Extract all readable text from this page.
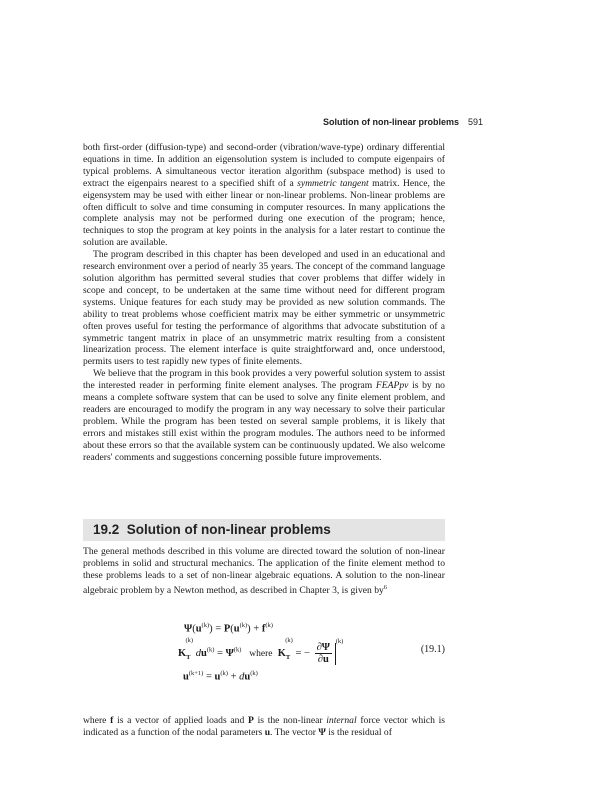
Solution of non-linear problems 591

both first-order (diffusion-type) and second-order (vibration/wave-type) ordinary differential equations in time. In addition an eigensolution system is included to compute eigenpairs of typical problems. A simultaneous vector iteration algorithm (subspace method) is used to extract the eigenpairs nearest to a specified shift of a symmetric tangent matrix. Hence, the eigensystem may be used with either linear or non-linear problems. Non-linear problems are often difficult to solve and time consuming in computer resources. In many applications the complete analysis may not be performed during one execution of the program; hence, techniques to stop the program at key points in the analysis for a later restart to continue the solution are available.

The program described in this chapter has been developed and used in an educational and research environment over a period of nearly 35 years. The concept of the command language solution algorithm has permitted several studies that cover problems that differ widely in scope and concept, to be undertaken at the same time without need for different program systems. Unique features for each study may be provided as new solution commands. The ability to treat problems whose coefficient matrix may be either symmetric or unsymmetric often proves useful for testing the performance of algorithms that advocate substitution of a symmetric tangent matrix in place of an unsymmetric matrix resulting from a consistent linearization process. The element interface is quite straightforward and, once understood, permits users to test rapidly new types of finite elements.

We believe that the program in this book provides a very powerful solution system to assist the interested reader in performing finite element analyses. The program FEAPpv is by no means a complete software system that can be used to solve any finite element problem, and readers are encouraged to modify the program in any way necessary to solve their particular problem. While the program has been tested on several sample problems, it is likely that errors and mistakes still exist within the program modules. The authors need to be informed about these errors so that the available system can be continuously updated. We also welcome readers' comments and suggestions concerning possible future improvements.

19.2 Solution of non-linear problems

The general methods described in this volume are directed toward the solution of non-linear problems in solid and structural mechanics. The application of the finite element method to these problems leads to a set of non-linear algebraic equations. A solution to the non-linear algebraic problem by a Newton method, as described in Chapter 3, is given $by^6$

$\Psi(u^{(k)}) = P(u^{(k)}) + f^{(k)}$
$K_T^{(k)}$ $du^{(k)} = \Psi^{(k)}$ where $K_T^{(k)}$ = − $\frac{\partial\Psi}{\partial u}$
$^{(k)}$
$u^{(k+1)} = u^{(k)} + du^{(k)}$
(19.1)

where f is a vector of applied loads and P is the non-linear internal force vector which is indicated as a function of the nodal parameters u. The vector Ψ is the residual of
